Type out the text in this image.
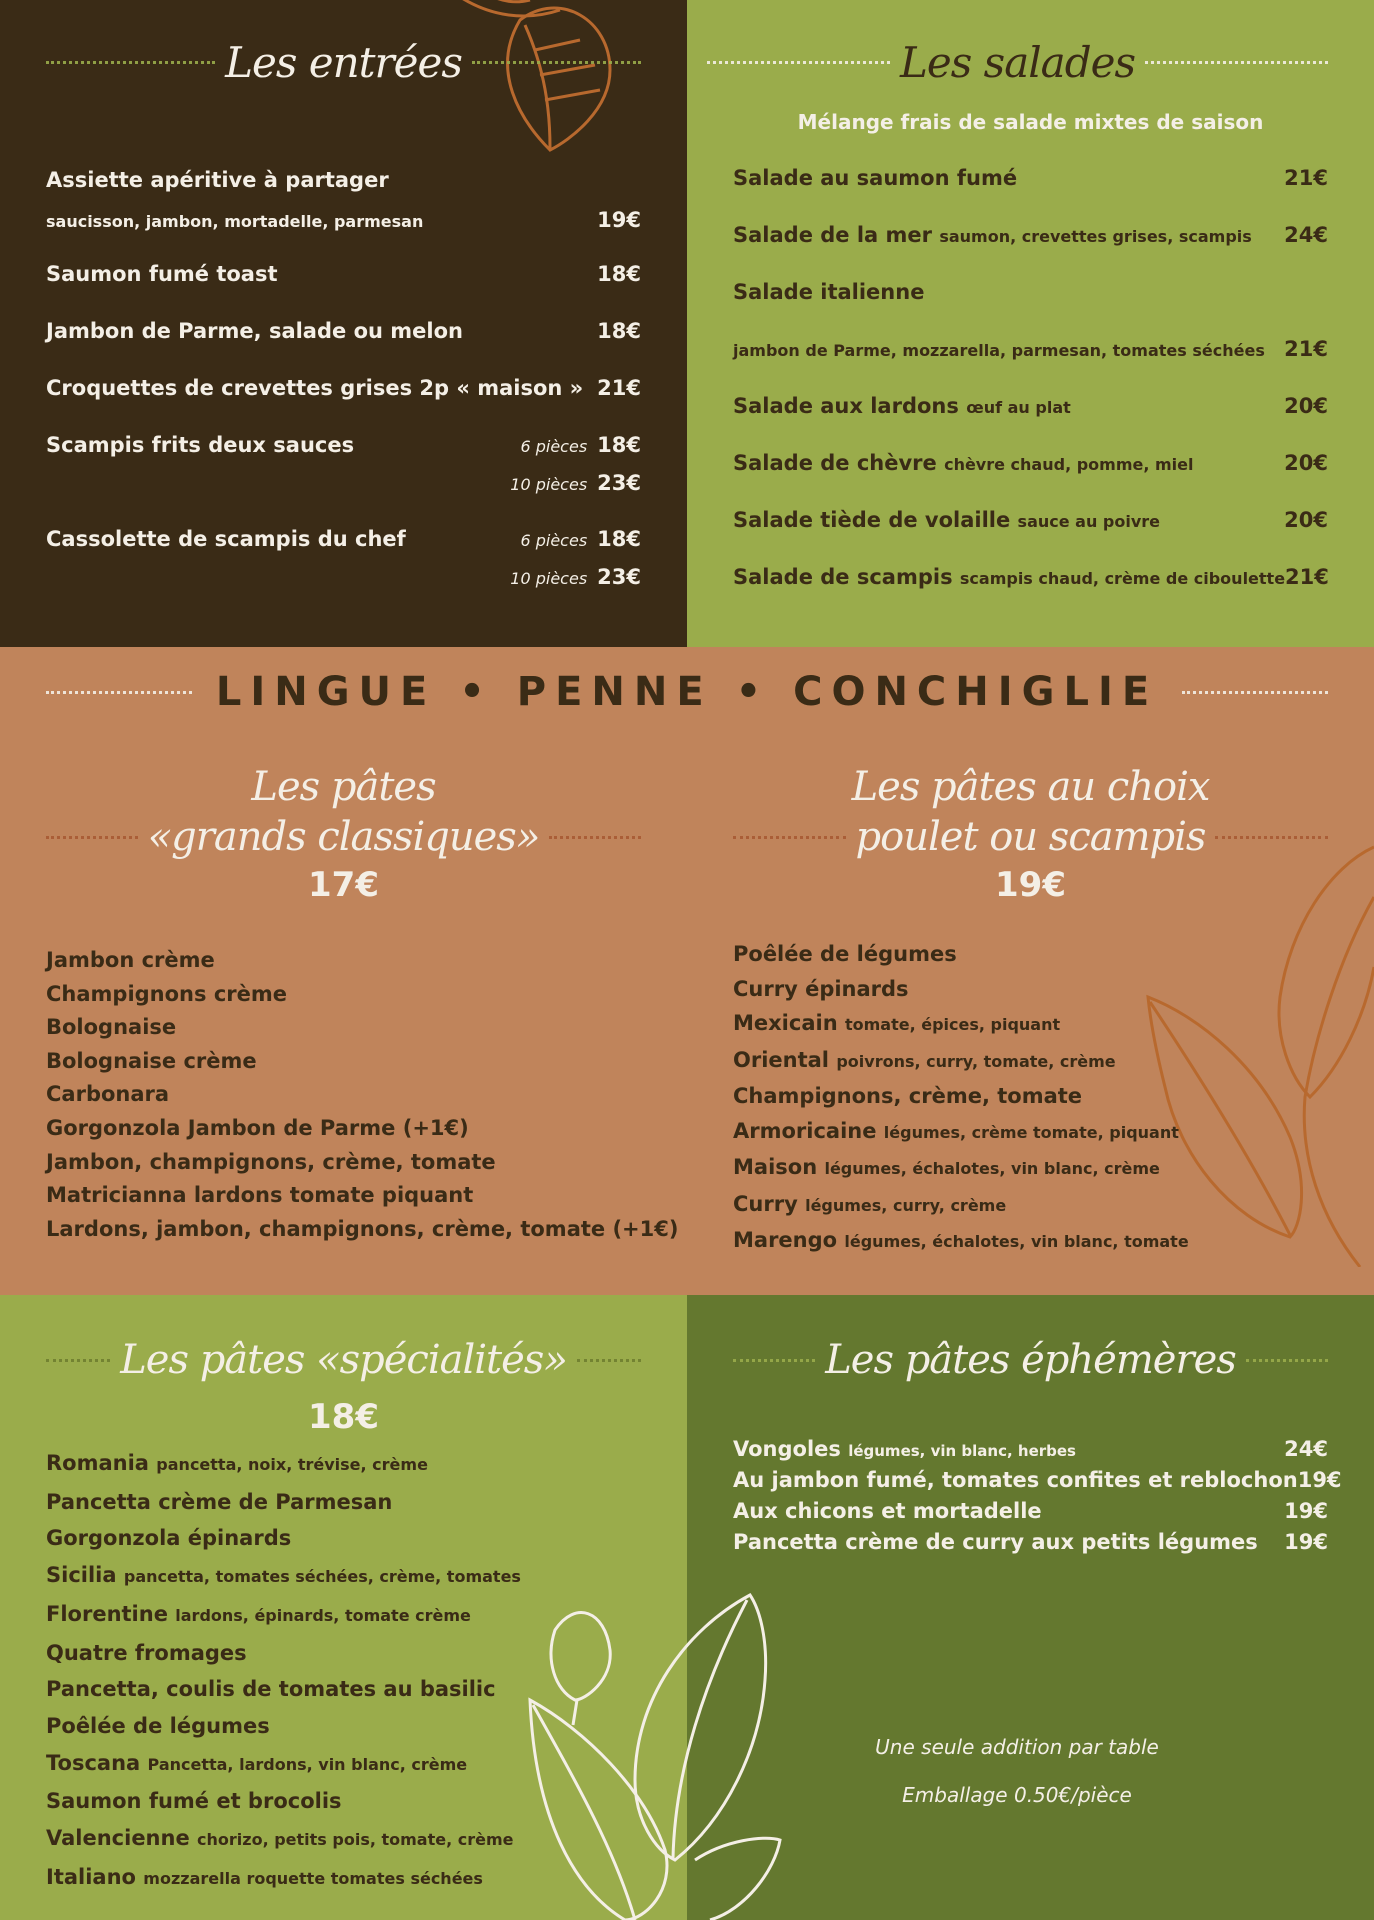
Les entrées
Assiette apéritive à partager
saucisson, jambon, mortadelle, parmesan	19€
Saumon fumé toast	18€
Jambon de Parme, salade ou melon	18€
Croquettes de crevettes grises 2p « maison » 21€
Scampis frits deux sauces	6 pièces 18€
10 pièces 23€
Cassolette de scampis du chef	6 pièces 18€
10 pièces 23€
Les salades
Mélange frais de salade mixtes de saison
Salade au saumon fumé	21€
Salade de la mer saumon, crevettes grises, scampis	24€
Salade italienne
jambon de Parme, mozzarella, parmesan, tomates séchées 21€
Salade aux lardons œuf au plat	20€
Salade de chèvre chèvre chaud, pomme, miel	20€
Salade tiède de volaille sauce au poivre	20€
Salade de scampis scampis chaud, crème de ciboulette 21€
LINGUE • PENNE • CONCHIGLIE
Les pâtes
«grands classiques»
17€
Jambon crème
Champignons crème
Bolognaise
Bolognaise crème
Carbonara
Gorgonzola Jambon de Parme (+1€)
Jambon, champignons, crème, tomate
Matricianna lardons tomate piquant
Lardons, jambon, champignons, crème, tomate (+1€)
Les pâtes au choix
poulet ou scampis
19€
Poêlée de légumes
Curry épinards
Mexicain tomate, épices, piquant
Oriental poivrons, curry, tomate, crème
Champignons, crème, tomate
Armoricaine légumes, crème tomate, piquant
Maison légumes, échalotes, vin blanc, crème
Curry légumes, curry, crème
Marengo légumes, échalotes, vin blanc, tomate
Les pâtes «spécialités»
18€
Romania pancetta, noix, trévise, crème
Pancetta crème de Parmesan
Gorgonzola épinards
Sicilia pancetta, tomates séchées, crème, tomates
Florentine lardons, épinards, tomate crème
Quatre fromages
Pancetta, coulis de tomates au basilic
Poêlée de légumes
Toscana Pancetta, lardons, vin blanc, crème
Saumon fumé et brocolis
Valencienne chorizo, petits pois, tomate, crème
Italiano mozzarella roquette tomates séchées
Les pâtes éphémères
Vongoles légumes, vin blanc, herbes	24€
Au jambon fumé, tomates confites et reblochon 19€
Aux chicons et mortadelle	19€
Pancetta crème de curry aux petits légumes	19€
Une seule addition par table
Emballage 0.50€/pièce
